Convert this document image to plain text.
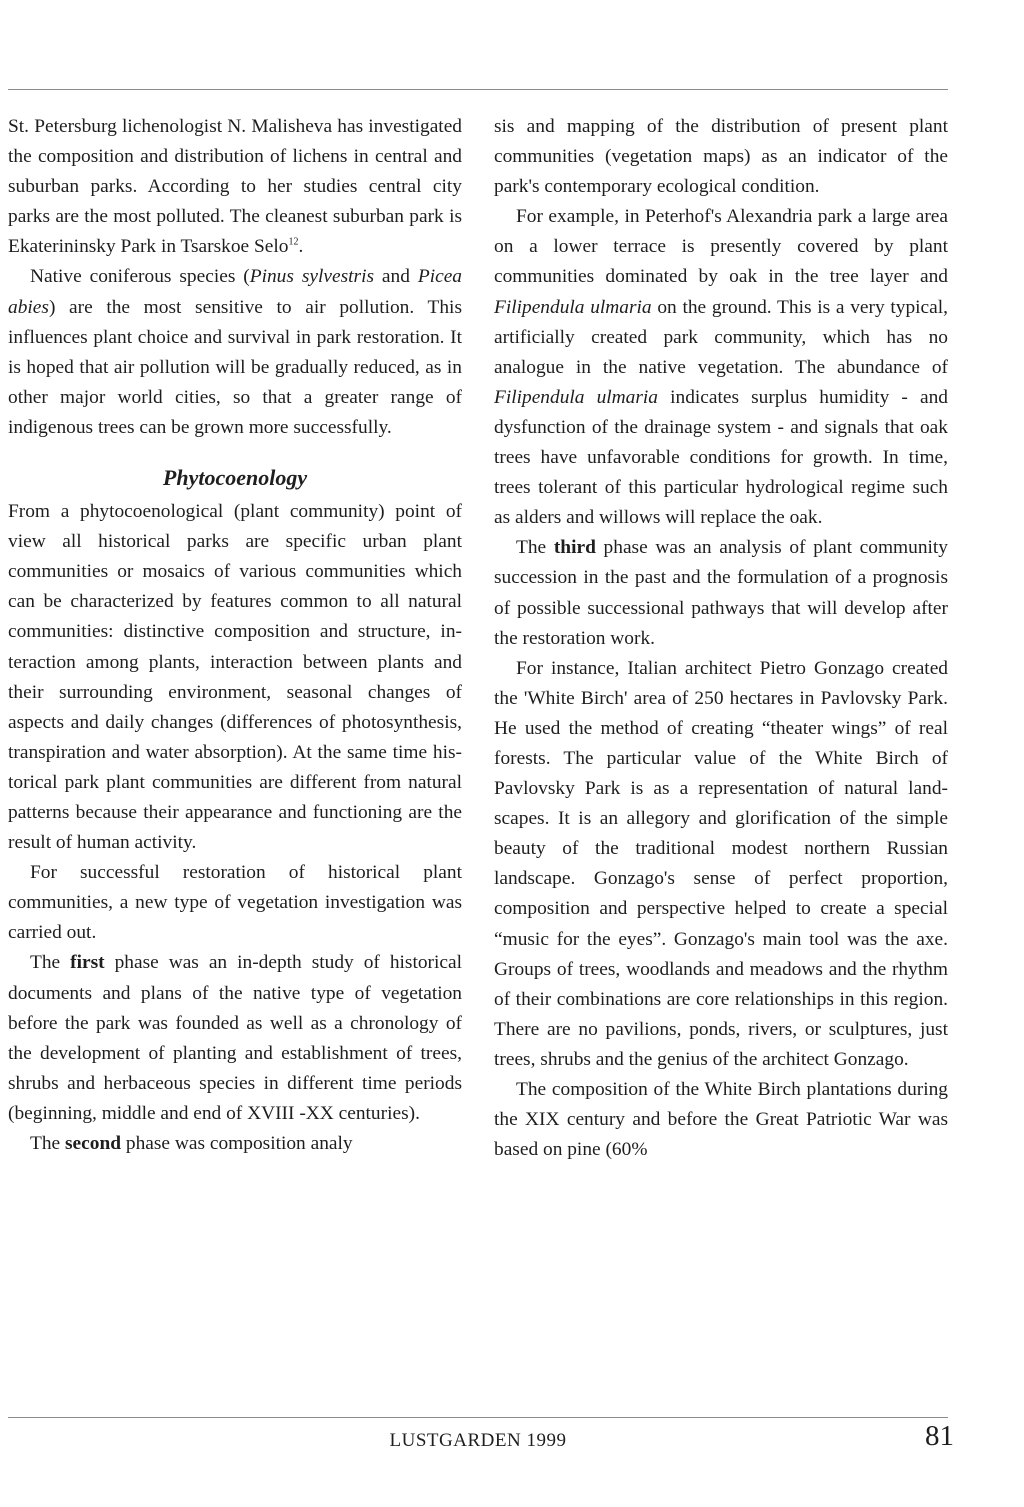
St. Petersburg lichenologist N. Malisheva has investigated the composition and distribution of lichens in central and suburban parks. According to her studies central city parks are the most polluted. The cleanest suburban park is Ekaterininsky Park in Tsarskoe Selo$^{12}$.

Native coniferous species (Pinus sylvestris and Picea abies) are the most sensitive to air pollution. This influences plant choice and survival in park restoration. It is hoped that air pollution will be gradually reduced, as in other major world cities, so that a greater range of indigenous trees can be grown more successfully.

Phytocoenology

From a phytocoenological (plant community) point of view all historical parks are specific urban plant communities or mosaics of various communities which can be characterized by features common to all natural communities: distinctive composition and structure, interaction among plants, interaction between plants and their surrounding environment, seasonal changes of aspects and daily changes (differences of photosynthesis, transpiration and water absorption). At the same time historical park plant communities are different from natural patterns because their appearance and functioning are the result of human activity.

For successful restoration of historical plant communities, a new type of vegetation investigation was carried out.

The first phase was an in-depth study of historical documents and plans of the native type of vegetation before the park was founded as well as a chronology of the development of planting and establishment of trees, shrubs and herbaceous species in different time periods (beginning, middle and end of XVIII -XX centuries).

The second phase was composition analy

sis and mapping of the distribution of present plant communities (vegetation maps) as an indicator of the park's contemporary ecological condition.

For example, in Peterhof's Alexandria park a large area on a lower terrace is presently covered by plant communities dominated by oak in the tree layer and Filipendula ulmaria on the ground. This is a very typical, artificially created park community, which has no analogue in the native vegetation. The abundance of Filipendula ulmaria indicates surplus humidity - and dysfunction of the drainage system - and signals that oak trees have unfavorable conditions for growth. In time, trees tolerant of this particular hydrological regime such as alders and willows will replace the oak.

The third phase was an analysis of plant community succession in the past and the formulation of a prognosis of possible successional pathways that will develop after the restoration work.

For instance, Italian architect Pietro Gonzago created the 'White Birch' area of 250 hectares in Pavlovsky Park. He used the method of creating “theater wings” of real forests. The particular value of the White Birch of Pavlovsky Park is as a representation of natural landscapes. It is an allegory and glorification of the simple beauty of the traditional modest northern Russian landscape. Gonzago's sense of perfect proportion, composition and perspective helped to create a special “music for the eyes”. Gonzago's main tool was the axe. Groups of trees, woodlands and meadows and the rhythm of their combinations are core relationships in this region. There are no pavilions, ponds, rivers, or sculptures, just trees, shrubs and the genius of the architect Gonzago.

The composition of the White Birch plantations during the XIX century and before the Great Patriotic War was based on pine (60%

LUSTGARDEN 1999	81
